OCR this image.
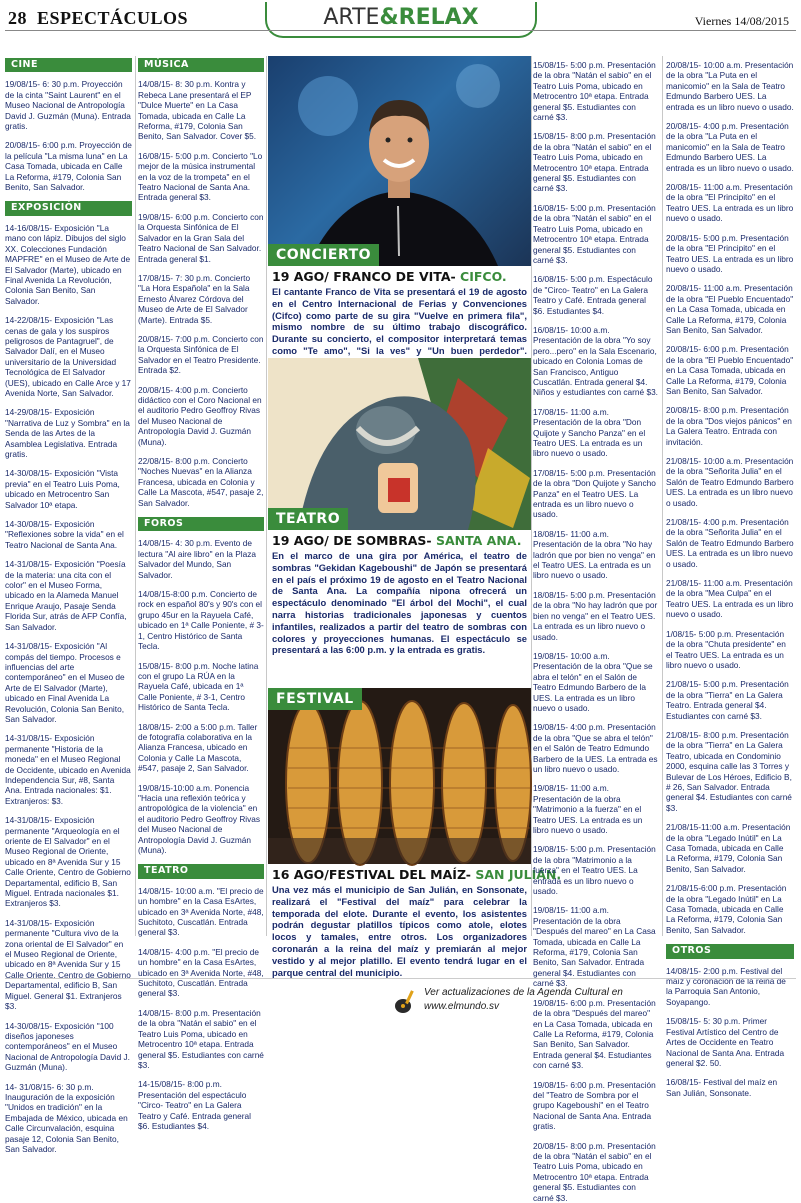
28 ESPECTÁCULOS	ARTE&RELAX	Viernes 14/08/2015
CINE
19/08/15- 6: 30 p.m. Proyección de la cinta "Saint Laurent" en el Museo Nacional de Antropología David J. Guzmán (Muna). Entrada gratis.
20/08/15- 6:00 p.m. Proyección de la película "La misma luna" en La Casa Tomada, ubicada en Calle La Reforma, #179, Colonia San Benito, San Salvador.
EXPOSICIÓN
14-16/08/15- Exposición "La mano con lápiz. Dibujos del siglo XX. Colecciones Fundación MAPFRE" en el Museo de Arte de El Salvador (Marte), ubicado en Final Avenida La Revolución, Colonia San Benito, San Salvador.
14-22/08/15- Exposición "Las cenas de gala y los suspiros peligrosos de Pantagruel", de Salvador Dalí, en el Museo universitario de la Universidad Tecnológica de El Salvador (UES), ubicado en Calle Arce y 17 Avenida Norte, San Salvador.
14-29/08/15- Exposición "Narrativa de Luz y Sombra" en la Senda de las Artes de la Asamblea Legislativa. Entrada gratis.
14-30/08/15- Exposición "Vista previa" en el Teatro Luis Poma, ubicado en Metrocentro San Salvador 10ª etapa.
14-30/08/15- Exposición "Reflexiones sobre la vida" en el Teatro Nacional de Santa Ana.
14-31/08/15- Exposición "Poesía de la materia: una cita con el color" en el Museo Forma, ubicado en la Alameda Manuel Enrique Araujo, Pasaje Senda Florida Sur, atrás de AFP Confía, San Salvador.
14-31/08/15- Exposición "Al compás del tiempo. Procesos e influencias del arte contemporáneo" en el Museo de Arte de El Salvador (Marte), ubicado en Final Avenida La Revolución, Colonia San Benito, San Salvador.
14-31/08/15- Exposición permanente "Historia de la moneda" en el Museo Regional de Occidente, ubicado en Avenida Independencia Sur, #8, Santa Ana. Entrada nacionales: $1. Extranjeros: $3.
14-31/08/15- Exposición permanente "Arqueología en el oriente de El Salvador" en el Museo Regional de Oriente, ubicado en 8ª Avenida Sur y 15 Calle Oriente, Centro de Gobierno Departamental, edificio B, San Miguel. Entrada nacionales $1. Extranjeros $3.
14-31/08/15- Exposición permanente "Cultura vivo de la zona oriental de El Salvador" en el Museo Regional de Oriente, ubicado en 8ª Avenida Sur y 15 Calle Oriente, Centro de Gobierno Departamental, edificio B, San Miguel. General $1. Extranjeros $3.
14-30/08/15- Exposición "100 diseños japoneses contemporáneos" en el Museo Nacional de Antropología David J. Guzmán (Muna).
14- 31/08/15- 6: 30 p.m. Inauguración de la exposición "Unidos en tradición" en la Embajada de México, ubicada en Calle Circunvalación, esquina pasaje 12, Colonia San Benito, San Salvador.
MÚSICA
14/08/15- 8: 30 p.m. Kontra y Rebeca Lane presentará el EP "Dulce Muerte" en La Casa Tomada, ubicada en Calle La Reforma, #179, Colonia San Benito, San Salvador. Cover $5.
16/08/15- 5:00 p.m. Concierto "Lo mejor de la música instrumental en la voz de la trompeta" en el Teatro Nacional de Santa Ana. Entrada general $3.
19/08/15- 6:00 p.m. Concierto con la Orquesta Sinfónica de El Salvador en la Gran Sala del Teatro Nacional de San Salvador. Entrada general $1.
17/08/15- 7: 30 p.m. Concierto "La Hora Española" en la Sala Ernesto Álvarez Córdova del Museo de Arte de El Salvador (Marte). Entrada $5.
20/08/15- 7:00 p.m. Concierto con la Orquesta Sinfónica de El Salvador en el Teatro Presidente. Entrada $2.
20/08/15- 4:00 p.m. Concierto didáctico con el Coro Nacional en el auditorio Pedro Geoffroy Rivas del Museo Nacional de Antropología David J. Guzmán (Muna).
22/08/15- 8:00 p.m. Concierto "Noches Nuevas" en la Alianza Francesa, ubicada en Colonia y Calle La Mascota, #547, pasaje 2, San Salvador.
FOROS
14/08/15- 4: 30 p.m. Evento de lectura "Al aire libro" en la Plaza Salvador del Mundo, San Salvador.
14/08/15-8:00 p.m. Concierto de rock en español 80's y 90's con el grupo 45ur en la Rayuela Café, ubicado en 1ª Calle Poniente, # 3-1, Centro Histórico de Santa Tecla.
15/08/15- 8:00 p.m. Noche latina con el grupo La RÚA en la Rayuela Café, ubicada en 1ª Calle Poniente, # 3-1, Centro Histórico de Santa Tecla.
18/08/15- 2:00 a 5:00 p.m. Taller de fotografía colaborativa en la Alianza Francesa, ubicado en Colonia y Calle La Mascota, #547, pasaje 2, San Salvador.
19/08/15-10:00 a.m. Ponencia "Hacia una reflexión teórica y antropológica de la violencia" en el auditorio Pedro Geoffroy Rivas del Museo Nacional de Antropología David J. Guzmán (Muna).
TEATRO
14/08/15- 10:00 a.m. "El precio de un hombre" en la Casa EsArtes, ubicado en 3ª Avenida Norte, #48, Suchitoto, Cuscatlán. Entrada general $3.
14/08/15- 4:00 p.m. "El precio de un hombre" en la Casa EsArtes, ubicado en 3ª Avenida Norte, #48, Suchitoto, Cuscatlán. Entrada general $3.
14/08/15- 8:00 p.m. Presentación de la obra "Natán el sabio" en el Teatro Luis Poma, ubicado en Metrocentro 10ª etapa. Entrada general $5. Estudiantes con carné $3.
14-15/08/15- 8:00 p.m. Presentación del espectáculo "Circo- Teatro" en La Galera Teatro y Café. Entrada general $6. Estudiantes $4.
CONCIERTO
19 AGO/ FRANCO DE VITA- CIFCO.
El cantante Franco de Vita se presentará el 19 de agosto en el Centro Internacional de Ferias y Convenciones (Cifco) como parte de su gira "Vuelve en primera fila", mismo nombre de su último trabajo discográfico. Durante su concierto, el compositor interpretará temas como "Te amo", "Si la ves" y "Un buen perdedor".
TEATRO
19 AGO/ DE SOMBRAS- SANTA ANA.
En el marco de una gira por América, el teatro de sombras "Gekidan Kageboushi" de Japón se presentará en el país el próximo 19 de agosto en el Teatro Nacional de Santa Ana. La compañía nipona ofrecerá un espectáculo denominado "El árbol del Mochi", el cual narra historias tradicionales japonesas y cuentos infantiles, realizados a partir del teatro de sombras con colores y proyecciones humanas. El espectáculo se presentará a las 6:00 p.m. y la entrada es gratis.
FESTIVAL
16 AGO/FESTIVAL DEL MAÍZ- SAN JULIÁN.
Una vez más el municipio de San Julián, en Sonsonate, realizará el "Festival del maíz" para celebrar la temporada del elote. Durante el evento, los asistentes podrán degustar platillos típicos como atole, elotes locos y tamales, entre otros. Los organizadores coronarán a la reina del maíz y premiarán al mejor vestido y al mejor platillo. El evento tendrá lugar en el parque central del municipio.
15/08/15- 5:00 p.m. Presentación de la obra "Natán el sabio" en el Teatro Luis Poma, ubicado en Metrocentro 10ª etapa. Entrada general $5. Estudiantes con carné $3.
15/08/15- 8:00 p.m. Presentación de la obra "Natán el sabio" en el Teatro Luis Poma, ubicado en Metrocentro 10ª etapa. Entrada general $5. Estudiantes con carné $3.
16/08/15- 5:00 p.m. Presentación de la obra "Natán el sabio" en el Teatro Luis Poma, ubicado en Metrocentro 10ª etapa. Entrada general $5. Estudiantes con carné $3.
16/08/15- 5:00 p.m. Espectáculo de "Circo- Teatro" en La Galera Teatro y Café. Entrada general $6. Estudiantes $4.
16/08/15- 10:00 a.m. Presentación de la obra "Yo soy pero...pero" en la Sala Escenario, ubicado en Colonia Lomas de San Francisco, Antiguo Cuscatlán. Entrada general $4. Niños y estudiantes con carné $3.
17/08/15- 11:00 a.m. Presentación de la obra "Don Quijote y Sancho Panza" en el Teatro UES. La entrada es un libro nuevo o usado.
17/08/15- 5:00 p.m. Presentación de la obra "Don Quijote y Sancho Panza" en el Teatro UES. La entrada es un libro nuevo o usado.
18/08/15- 11:00 a.m. Presentación de la obra "No hay ladrón que por bien no venga" en el Teatro UES. La entrada es un libro nuevo o usado.
18/08/15- 5:00 p.m. Presentación de la obra "No hay ladrón que por bien no venga" en el Teatro UES. La entrada es un libro nuevo o usado.
19/08/15- 10:00 a.m. Presentación de la obra "Que se abra el telón" en el Salón de Teatro Edmundo Barbero de la UES. La entrada es un libro nuevo o usado.
19/08/15- 4:00 p.m. Presentación de la obra "Que se abra el telón" en el Salón de Teatro Edmundo Barbero de la UES. La entrada es un libro nuevo o usado.
19/08/15- 11:00 a.m. Presentación de la obra "Matrimonio a la fuerza" en el Teatro UES. La entrada es un libro nuevo o usado.
19/08/15- 5:00 p.m. Presentación de la obra "Matrimonio a la fuerza" en el Teatro UES. La entrada es un libro nuevo o usado.
19/08/15- 11:00 a.m. Presentación de la obra "Después del mareo" en La Casa Tomada, ubicada en Calle La Reforma, #179, Colonia San Benito, San Salvador. Entrada general $4. Estudiantes con carné $3.
19/08/15- 6:00 p.m. Presentación de la obra "Después del mareo" en La Casa Tomada, ubicada en Calle La Reforma, #179, Colonia San Benito, San Salvador. Entrada general $4. Estudiantes con carné $3.
19/08/15- 6:00 p.m. Presentación del "Teatro de Sombra por el grupo Kageboushi" en el Teatro Nacional de Santa Ana. Entrada gratis.
20/08/15- 8:00 p.m. Presentación de la obra "Natán el sabio" en el Teatro Luis Poma, ubicado en Metrocentro 10ª etapa. Entrada general $5. Estudiantes con carné $3.
20/08/15- 10:00 a.m. Presentación de la obra "La Puta en el manicomio" en la Sala de Teatro Edmundo Barbero UES. La entrada es un libro nuevo o usado.
20/08/15- 4:00 p.m. Presentación de la obra "La Puta en el manicomio" en la Sala de Teatro Edmundo Barbero UES. La entrada es un libro nuevo o usado.
20/08/15- 11:00 a.m. Presentación de la obra "El Principito" en el Teatro UES. La entrada es un libro nuevo o usado.
20/08/15- 5:00 p.m. Presentación de la obra "El Principito" en el Teatro UES. La entrada es un libro nuevo o usado.
20/08/15- 11:00 a.m. Presentación de la obra "El Pueblo Encuentado" en La Casa Tomada, ubicada en Calle La Reforma, #179, Colonia San Benito, San Salvador.
20/08/15- 6:00 p.m. Presentación de la obra "El Pueblo Encuentado" en La Casa Tomada, ubicada en Calle La Reforma, #179, Colonia San Benito, San Salvador.
20/08/15- 8:00 p.m. Presentación de la obra "Dos viejos pánicos" en La Galera Teatro. Entrada con invitación.
21/08/15- 10:00 a.m. Presentación de la obra "Señorita Julia" en el Salón de Teatro Edmundo Barbero UES. La entrada es un libro nuevo o usado.
21/08/15- 4:00 p.m. Presentación de la obra "Señorita Julia" en el Salón de Teatro Edmundo Barbero UES. La entrada es un libro nuevo o usado.
21/08/15- 11:00 a.m. Presentación de la obra "Mea Culpa" en el Teatro UES. La entrada es un libro nuevo o usado.
1/08/15- 5:00 p.m. Presentación de la obra "Chuta presidente" en el Teatro UES. La entrada es un libro nuevo o usado.
21/08/15- 5:00 p.m. Presentación de la obra "Tierra" en La Galera Teatro. Entrada general $4. Estudiantes con carné $3.
21/08/15- 8:00 p.m. Presentación de la obra "Tierra" en La Galera Teatro, ubicada en Condominio 2000, esquina calle las 3 Torres y Bulevar de Los Héroes, Edificio B, # 26, San Salvador. Entrada general $4. Estudiantes con carné $3.
21/08/15-11:00 a.m. Presentación de la obra "Legado Inútil" en La Casa Tomada, ubicada en Calle La Reforma, #179, Colonia San Benito, San Salvador.
21/08/15-6:00 p.m. Presentación de la obra "Legado Inútil" en La Casa Tomada, ubicada en Calle La Reforma, #179, Colonia San Benito, San Salvador.
OTROS
14/08/15- 2:00 p.m. Festival del maíz y coronación de la reina de la Parroquia San Antonio, Soyapango.
15/08/15- 5: 30 p.m. Primer Festival Artístico del Centro de Artes de Occidente en Teatro Nacional de Santa Ana. Entrada general $2. 50.
16/08/15- Festival del maíz en San Julián, Sonsonate.
Ver actualizaciones de la Agenda Cultural en
www.elmundo.sv
